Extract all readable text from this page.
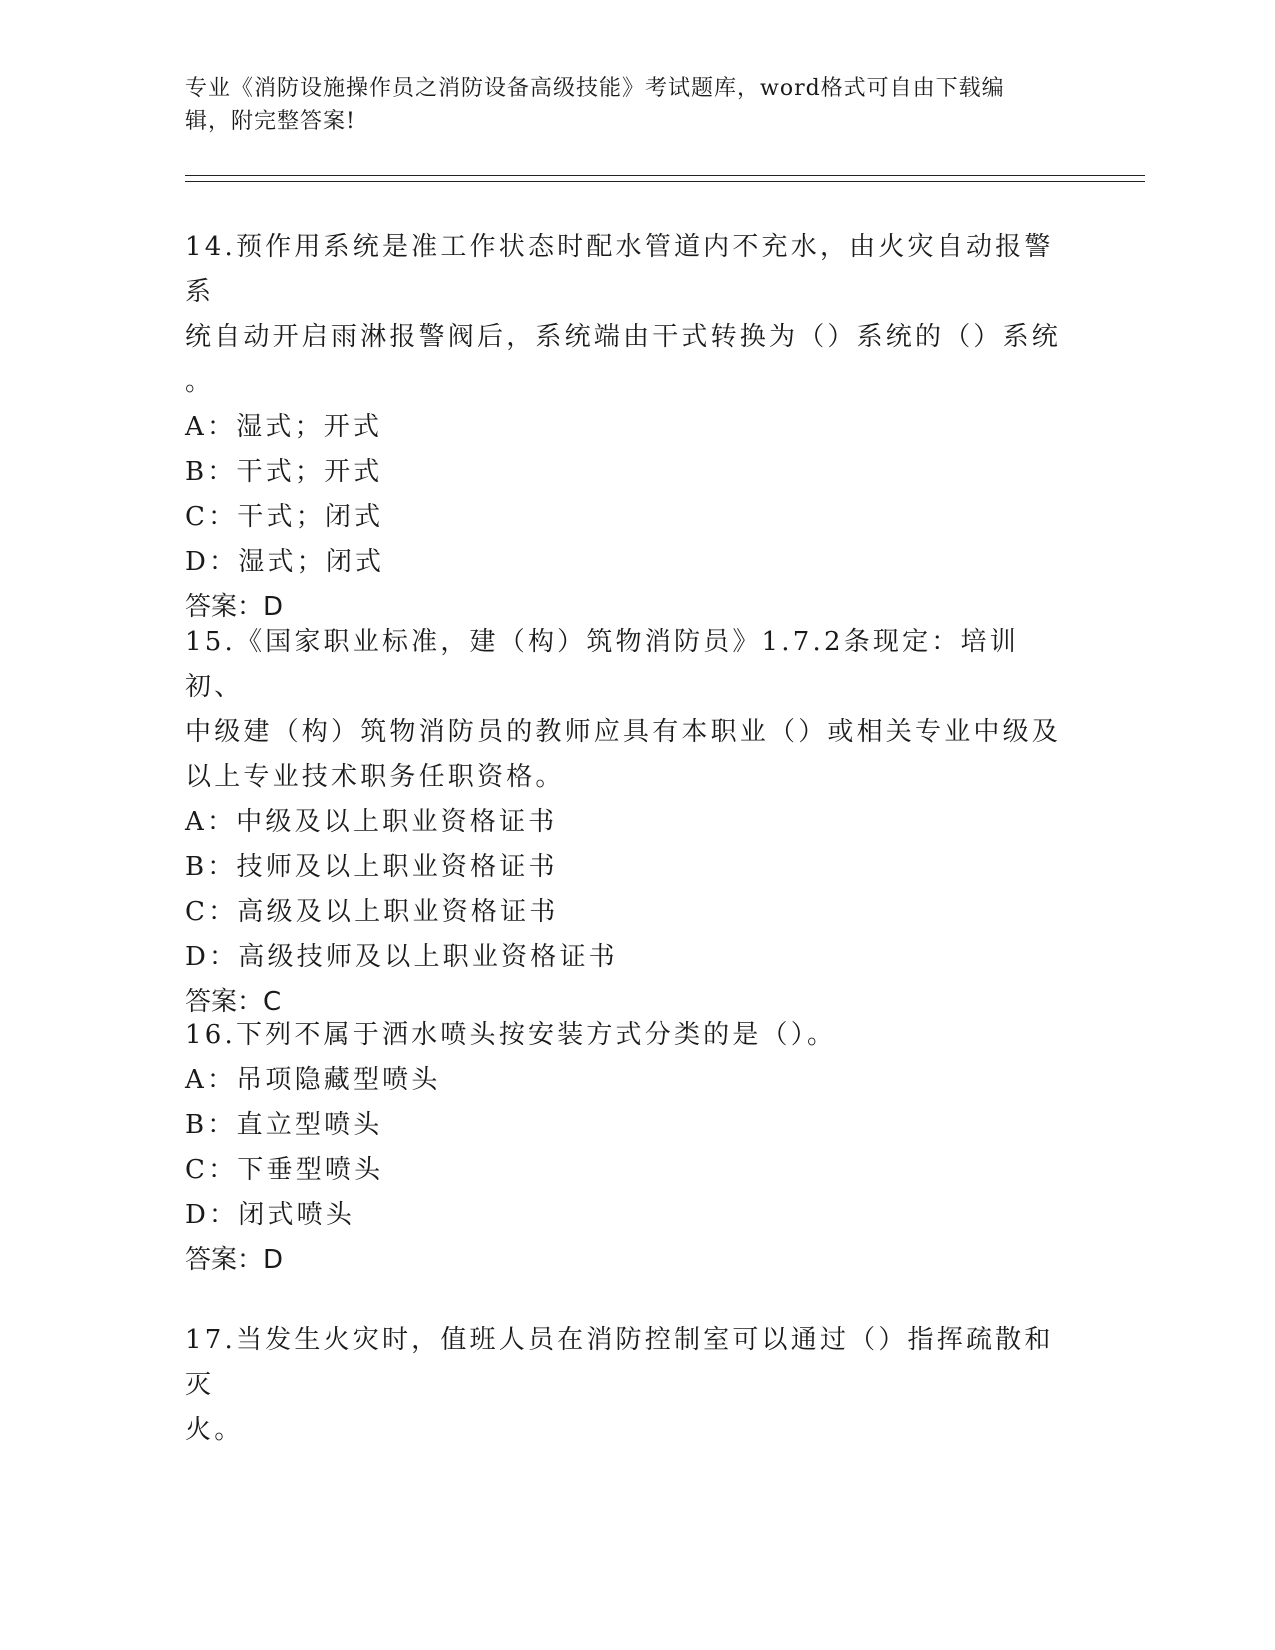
专业《消防设施操作员之消防设备高级技能》考试题库，word格式可自由下载编
辑，附完整答案!
14.预作用系统是准工作状态时配水管道内不充水，由火灾自动报警系
统自动开启雨淋报警阀后，系统端由干式转换为（）系统的（）系统
。
A：湿式；开式
B：干式；开式
C：干式；闭式
D：湿式；闭式
答案：D
15.《国家职业标准，建（构）筑物消防员》1.7.2条现定：培训初、
中级建（构）筑物消防员的教师应具有本职业（）或相关专业中级及
以上专业技术职务任职资格。
A：中级及以上职业资格证书
B：技师及以上职业资格证书
C：高级及以上职业资格证书
D：高级技师及以上职业资格证书
答案：C
16.下列不属于洒水喷头按安装方式分类的是（）。
A：吊项隐藏型喷头
B：直立型喷头
C：下垂型喷头
D：闭式喷头
答案：D
17.当发生火灾时，值班人员在消防控制室可以通过（）指挥疏散和灭
火。
